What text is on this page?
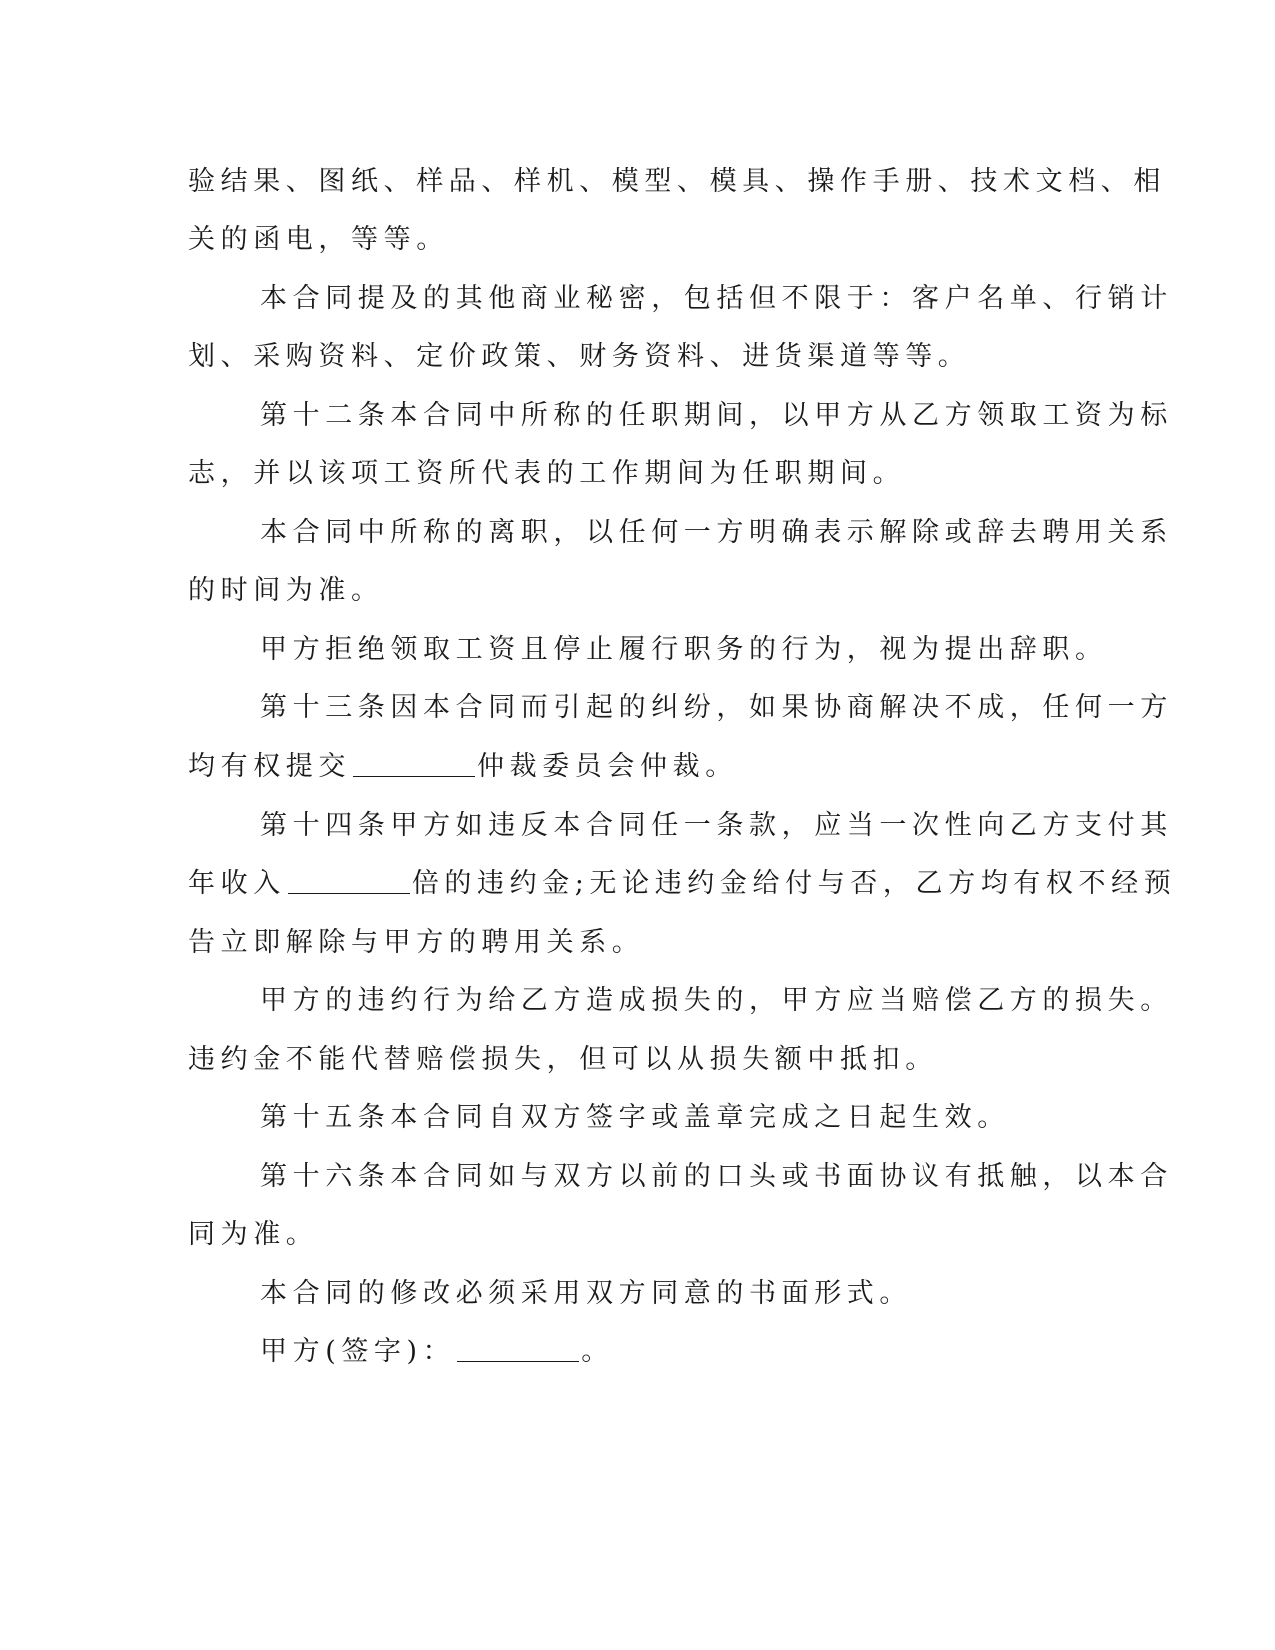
验结果、图纸、样品、样机、模型、模具、操作手册、技术文档、相
关的函电，等等。
本合同提及的其他商业秘密，包括但不限于：客户名单、行销计
划、采购资料、定价政策、财务资料、进货渠道等等。
第十二条本合同中所称的任职期间，以甲方从乙方领取工资为标
志，并以该项工资所代表的工作期间为任职期间。
本合同中所称的离职，以任何一方明确表示解除或辞去聘用关系
的时间为准。
甲方拒绝领取工资且停止履行职务的行为，视为提出辞职。
第十三条因本合同而引起的纠纷，如果协商解决不成，任何一方
均有权提交	仲裁委员会仲裁。
第十四条甲方如违反本合同任一条款，应当一次性向乙方支付其
年收入	倍的违约金;无论违约金给付与否，乙方均有权不经预
告立即解除与甲方的聘用关系。
甲方的违约行为给乙方造成损失的，甲方应当赔偿乙方的损失。
违约金不能代替赔偿损失，但可以从损失额中抵扣。
第十五条本合同自双方签字或盖章完成之日起生效。
第十六条本合同如与双方以前的口头或书面协议有抵触，以本合
同为准。
本合同的修改必须采用双方同意的书面形式。
甲方(签字)：	。
